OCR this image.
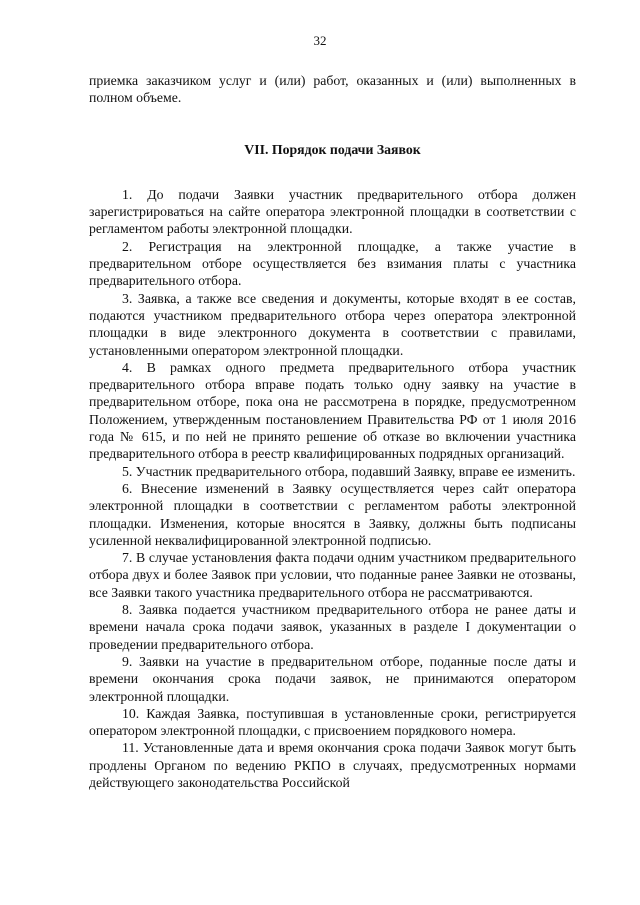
32

приемка заказчиком услуг и (или) работ, оказанных и (или) выполненных в полном объеме.

VII. Порядок подачи Заявок

1. До подачи Заявки участник предварительного отбора должен зарегистрироваться на сайте оператора электронной площадки в соответствии с регламентом работы электронной площадки.

2. Регистрация на электронной площадке, а также участие в предварительном отборе осуществляется без взимания платы с участника предварительного отбора.

3. Заявка, а также все сведения и документы, которые входят в ее состав, подаются участником предварительного отбора через оператора электронной площадки в виде электронного документа в соответствии с правилами, установленными оператором электронной площадки.

4. В рамках одного предмета предварительного отбора участник предварительного отбора вправе подать только одну заявку на участие в предварительном отборе, пока она не рассмотрена в порядке, предусмотренном Положением, утвержденным постановлением Правительства РФ от 1 июля 2016 года № 615, и по ней не принято решение об отказе во включении участника предварительного отбора в реестр квалифицированных подрядных организаций.

5. Участник предварительного отбора, подавший Заявку, вправе ее изменить.

6. Внесение изменений в Заявку осуществляется через сайт оператора электронной площадки в соответствии с регламентом работы электронной площадки. Изменения, которые вносятся в Заявку, должны быть подписаны усиленной неквалифицированной электронной подписью.

7. В случае установления факта подачи одним участником предварительного отбора двух и более Заявок при условии, что поданные ранее Заявки не отозваны, все Заявки такого участника предварительного отбора не рассматриваются.

8. Заявка подается участником предварительного отбора не ранее даты и времени начала срока подачи заявок, указанных в разделе I документации о проведении предварительного отбора.

9. Заявки на участие в предварительном отборе, поданные после даты и времени окончания срока подачи заявок, не принимаются оператором электронной площадки.

10. Каждая Заявка, поступившая в установленные сроки, регистрируется оператором электронной площадки, с присвоением порядкового номера.

11. Установленные дата и время окончания срока подачи Заявок могут быть продлены Органом по ведению РКПО в случаях, предусмотренных нормами действующего законодательства Российской
